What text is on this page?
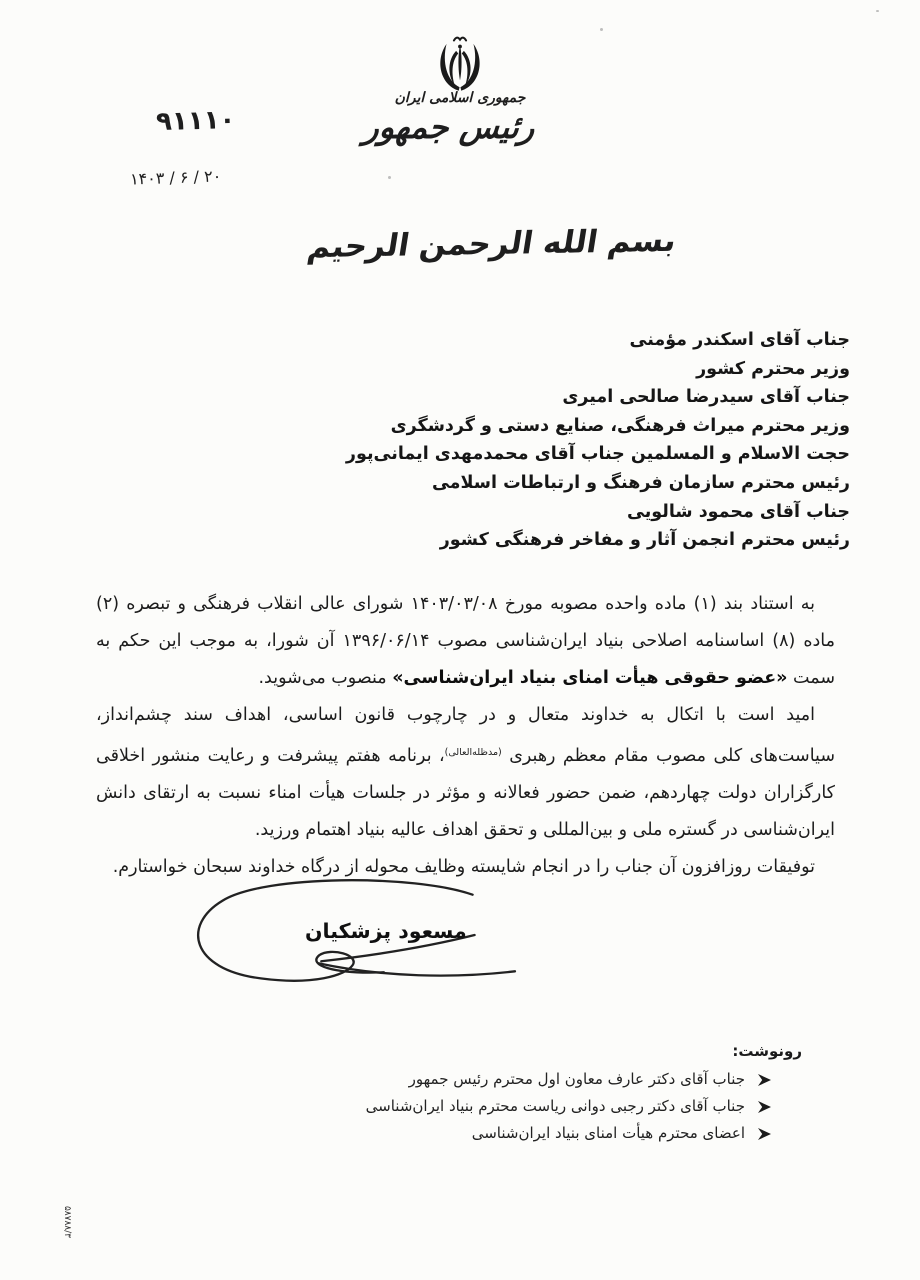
جمهوری اسلامی ایران
رئیس جمهور
۹۱۱۱۰
۱۴۰۳ / ۶ / ۲۰
بسم الله الرحمن الرحیم
جناب آقای اسکندر مؤمنی
وزیر محترم کشور
جناب آقای سیدرضا صالحی امیری
وزیر محترم میراث فرهنگی، صنایع دستی و گردشگری
حجت الاسلام و المسلمین جناب آقای محمدمهدی ایمانی‌پور
رئیس محترم سازمان فرهنگ و ارتباطات اسلامی
جناب آقای محمود شالویی
رئیس محترم انجمن آثار و مفاخر فرهنگی کشور

به استناد بند (۱) ماده واحده مصوبه مورخ ۱۴۰۳/۰۳/۰۸ شورای عالی انقلاب فرهنگی و تبصره (۲) ماده (۸) اساسنامه اصلاحی بنیاد ایران‌شناسی مصوب ۱۳۹۶/۰۶/۱۴ آن شورا، به موجب این حکم به سمت «عضو حقوقی هیأت امنای بنیاد ایران‌شناسی» منصوب می‌شوید.

امید است با اتکال به خداوند متعال و در چارچوب قانون اساسی، اهداف سند چشم‌انداز، سیاست‌های کلی مصوب مقام معظم رهبری $^{(مدظله‌العالی)}$، برنامه هفتم پیشرفت و رعایت منشور اخلاقی کارگزاران دولت چهاردهم، ضمن حضور فعالانه و مؤثر در جلسات هیأت امناء نسبت به ارتقای دانش ایران‌شناسی در گستره ملی و بین‌المللی و تحقق اهداف عالیه بنیاد اهتمام ورزید.

توفیقات روزافزون آن جناب را در انجام شایسته وظایف محوله از درگاه خداوند سبحان خواستارم.

مسعود پزشکیان
رونوشت:
جناب آقای دکتر عارف معاون اول محترم رئیس جمهور
جناب آقای دکتر رجبی دوانی ریاست محترم بنیاد ایران‌شناسی
اعضای محترم هیأت امنای بنیاد ایران‌شناسی
۵۸۷۸۸/۳
